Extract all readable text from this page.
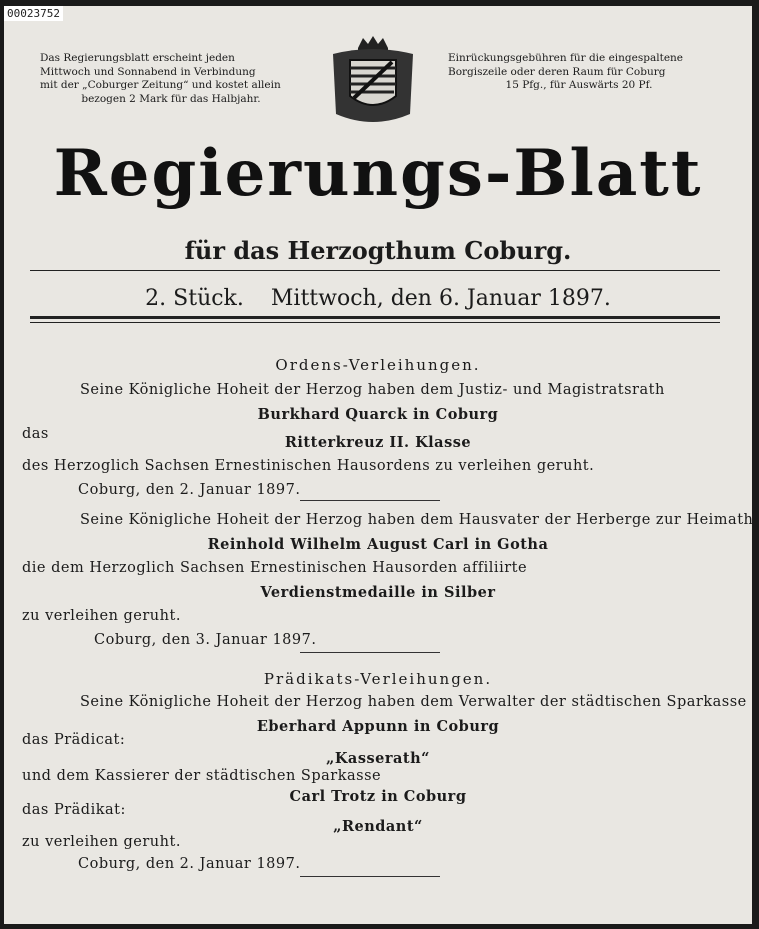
00023752
Das Regierungsblatt erscheint jeden
Mittwoch und Sonnabend in Verbindung
mit der „Coburger Zeitung“ und kostet allein
bezogen 2 Mark für das Halbjahr.
Einrückungsgebühren für die eingespaltene
Borgiszeile oder deren Raum für Coburg
15 Pfg., für Auswärts 20 Pf.
Regierungs-Blatt
für das Herzogthum Coburg.
2. Stück. Mittwoch, den 6. Januar 1897.
Ordens-Verleihungen.
Seine Königliche Hoheit der Herzog haben dem Justiz- und Magistratsrath
Burkhard Quarck in Coburg
das	Ritterkreuz II. Klasse
des Herzoglich Sachsen Ernestinischen Hausordens zu verleihen geruht.
Coburg, den 2. Januar 1897.
Seine Königliche Hoheit der Herzog haben dem Hausvater der Herberge zur Heimath
Reinhold Wilhelm August Carl in Gotha
die dem Herzoglich Sachsen Ernestinischen Hausorden affiliirte
Verdienstmedaille in Silber
zu verleihen geruht.
Coburg, den 3. Januar 1897.
Prädikats-Verleihungen.
Seine Königliche Hoheit der Herzog haben dem Verwalter der städtischen Sparkasse
Eberhard Appunn in Coburg
das Prädicat:
„Kasserath“
und dem Kassierer der städtischen Sparkasse
Carl Trotz in Coburg
das Prädikat:
„Rendant“
zu verleihen geruht.
Coburg, den 2. Januar 1897.
